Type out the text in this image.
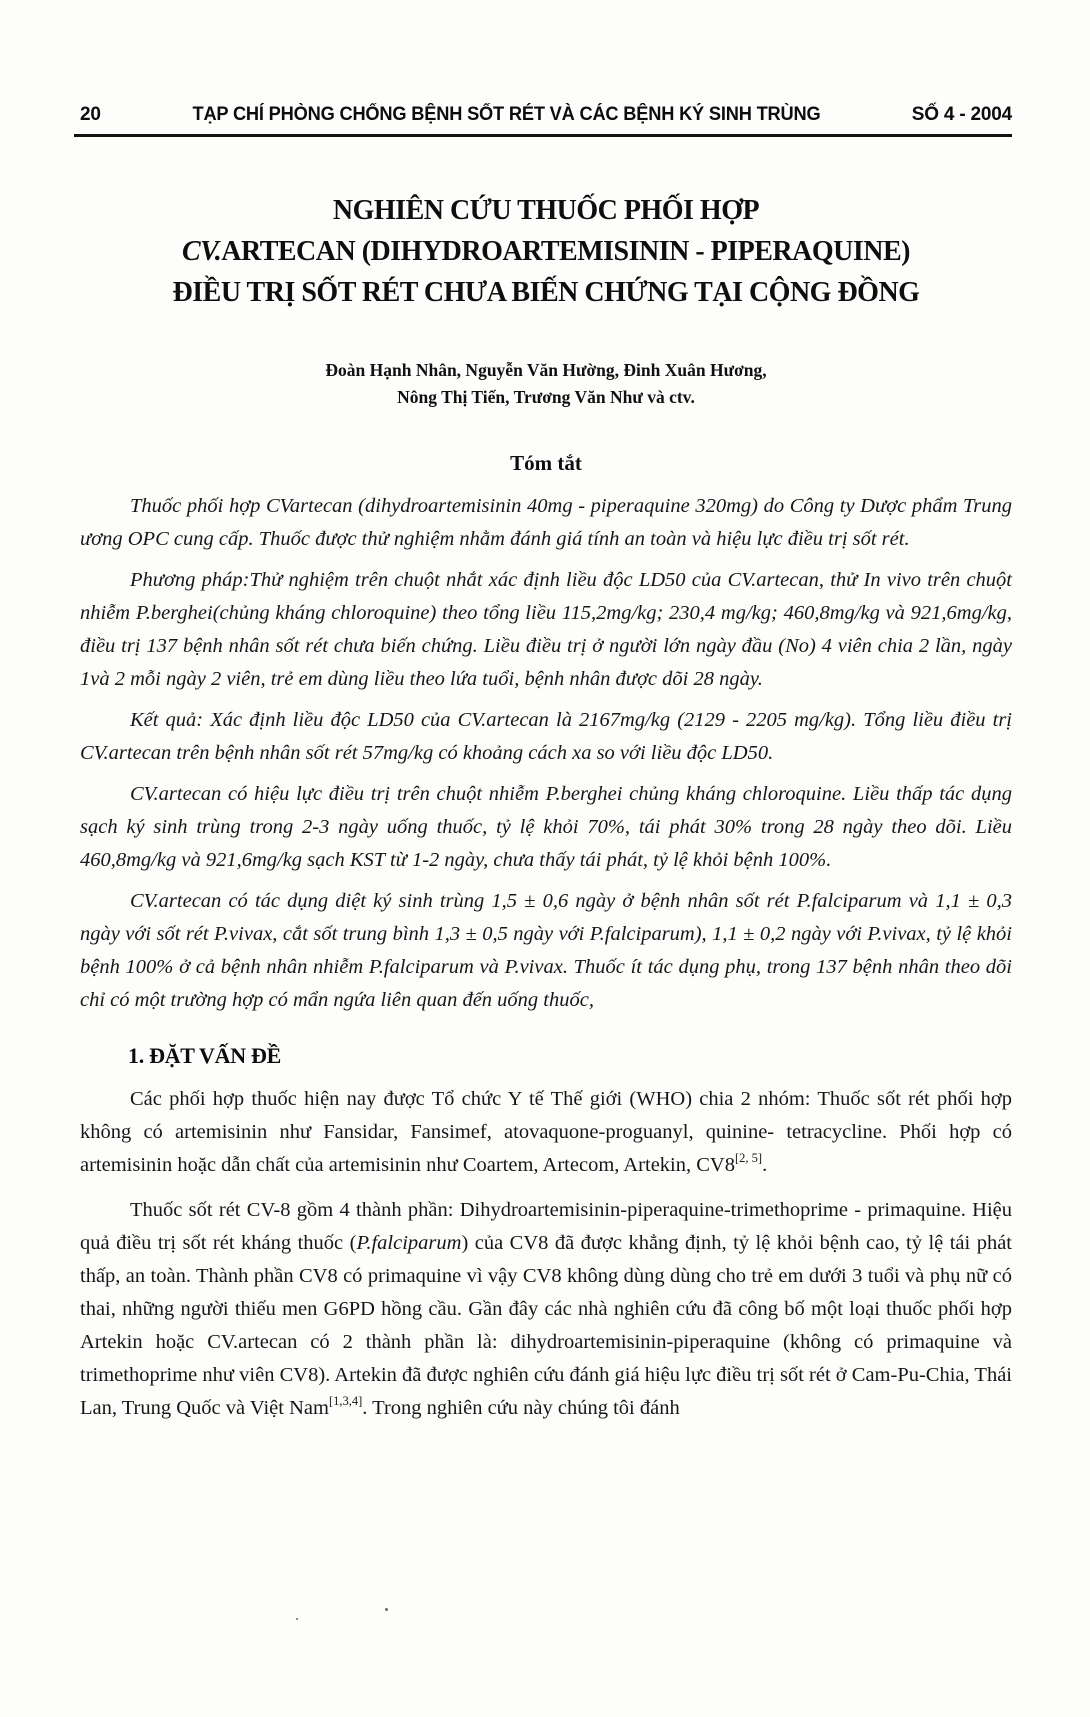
20	TẠP CHÍ PHÒNG CHỐNG BỆNH SỐT RÉT VÀ CÁC BỆNH KÝ SINH TRÙNG	SỐ 4 - 2004
NGHIÊN CỨU THUỐC PHỐI HỢP
CV.ARTECAN (DIHYDROARTEMISININ - PIPERAQUINE)
ĐIỀU TRỊ SỐT RÉT CHƯA BIẾN CHỨNG TẠI CỘNG ĐỒNG
Đoàn Hạnh Nhân, Nguyễn Văn Hường, Đinh Xuân Hương,
Nông Thị Tiến, Trương Văn Như và ctv.
Tóm tắt

Thuốc phối hợp CVartecan (dihydroartemisinin 40mg - piperaquine 320mg) do Công ty Dược phẩm Trung ương OPC cung cấp. Thuốc được thử nghiệm nhằm đánh giá tính an toàn và hiệu lực điều trị sốt rét.

Phương pháp:Thử nghiệm trên chuột nhắt xác định liều độc LD50 của CV.artecan, thử In vivo trên chuột nhiễm P.berghei(chủng kháng chloroquine) theo tổng liều 115,2mg/kg; 230,4 mg/kg; 460,8mg/kg và 921,6mg/kg, điều trị 137 bệnh nhân sốt rét chưa biến chứng. Liều điều trị ở người lớn ngày đầu (No) 4 viên chia 2 lần, ngày 1và 2 mỗi ngày 2 viên, trẻ em dùng liều theo lứa tuổi, bệnh nhân được dõi 28 ngày.

Kết quả: Xác định liều độc LD50 của CV.artecan là 2167mg/kg (2129 - 2205 mg/kg). Tổng liều điều trị CV.artecan trên bệnh nhân sốt rét 57mg/kg có khoảng cách xa so với liều độc LD50.

CV.artecan có hiệu lực điều trị trên chuột nhiễm P.berghei chủng kháng chloroquine. Liều thấp tác dụng sạch ký sinh trùng trong 2-3 ngày uống thuốc, tỷ lệ khỏi 70%, tái phát 30% trong 28 ngày theo dõi. Liều 460,8mg/kg và 921,6mg/kg sạch KST từ 1-2 ngày, chưa thấy tái phát, tỷ lệ khỏi bệnh 100%.

CV.artecan có tác dụng diệt ký sinh trùng 1,5 ± 0,6 ngày ở bệnh nhân sốt rét P.falciparum và 1,1 ± 0,3 ngày với sốt rét P.vivax, cắt sốt trung bình 1,3 ± 0,5 ngày với P.falciparum), 1,1 ± 0,2 ngày với P.vivax, tỷ lệ khỏi bệnh 100% ở cả bệnh nhân nhiễm P.falciparum và P.vivax. Thuốc ít tác dụng phụ, trong 137 bệnh nhân theo dõi chỉ có một trường hợp có mẩn ngứa liên quan đến uống thuốc,

1. ĐẶT VẤN ĐỀ

Các phối hợp thuốc hiện nay được Tổ chức Y tế Thế giới (WHO) chia 2 nhóm: Thuốc sốt rét phối hợp không có artemisinin như Fansidar, Fansimef, atovaquone-proguanyl, quinine- tetracycline. Phối hợp có artemisinin hoặc dẫn chất của artemisinin như Coartem, Artecom, Artekin, CV8[2, 5].

Thuốc sốt rét CV-8 gồm 4 thành phần: Dihydroartemisinin-piperaquine-trimethoprime - primaquine. Hiệu quả điều trị sốt rét kháng thuốc (P.falciparum) của CV8 đã được khẳng định, tỷ lệ khỏi bệnh cao, tỷ lệ tái phát thấp, an toàn. Thành phần CV8 có primaquine vì vậy CV8 không dùng dùng cho trẻ em dưới 3 tuổi và phụ nữ có thai, những người thiếu men G6PD hồng cầu. Gần đây các nhà nghiên cứu đã công bố một loại thuốc phối hợp Artekin hoặc CV.artecan có 2 thành phần là: dihydroartemisinin-piperaquine (không có primaquine và trimethoprime như viên CV8). Artekin đã được nghiên cứu đánh giá hiệu lực điều trị sốt rét ở Cam-Pu-Chia, Thái Lan, Trung Quốc và Việt Nam[1,3,4]. Trong nghiên cứu này chúng tôi đánh
